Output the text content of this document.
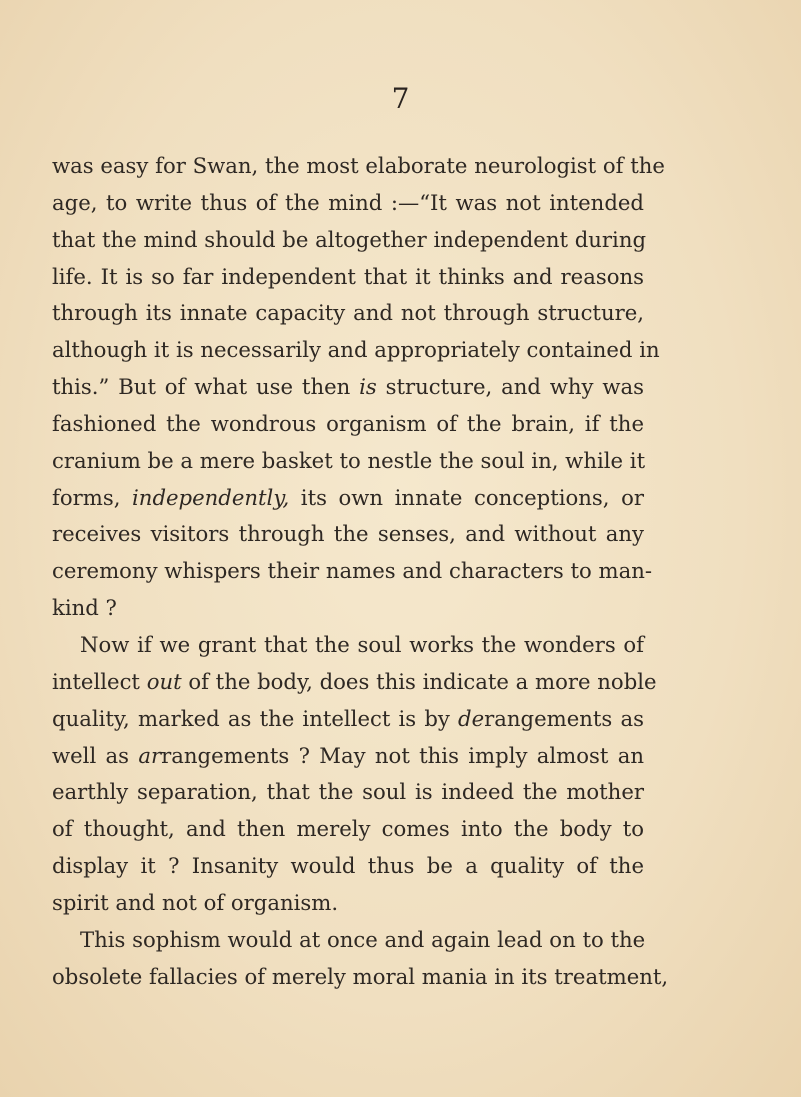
7
was easy for Swan, the most elaborate neurologist of the
age, to write thus of the mind :—“It was not intended
that the mind should be altogether independent during
life. It is so far independent that it thinks and reasons
through its innate capacity and not through structure,
although it is necessarily and appropriately contained in
this.” But of what use then is structure, and why was
fashioned the wondrous organism of the brain, if the
cranium be a mere basket to nestle the soul in, while it
forms, independently, its own innate conceptions, or
receives visitors through the senses, and without any
ceremony whispers their names and characters to man-
kind ?
Now if we grant that the soul works the wonders of
intellect out of the body, does this indicate a more noble
quality, marked as the intellect is by derangements as
well as arrangements ? May not this imply almost an
earthly separation, that the soul is indeed the mother
of thought, and then merely comes into the body to
display it ? Insanity would thus be a quality of the
spirit and not of organism.
This sophism would at once and again lead on to the
obsolete fallacies of merely moral mania in its treatment,
